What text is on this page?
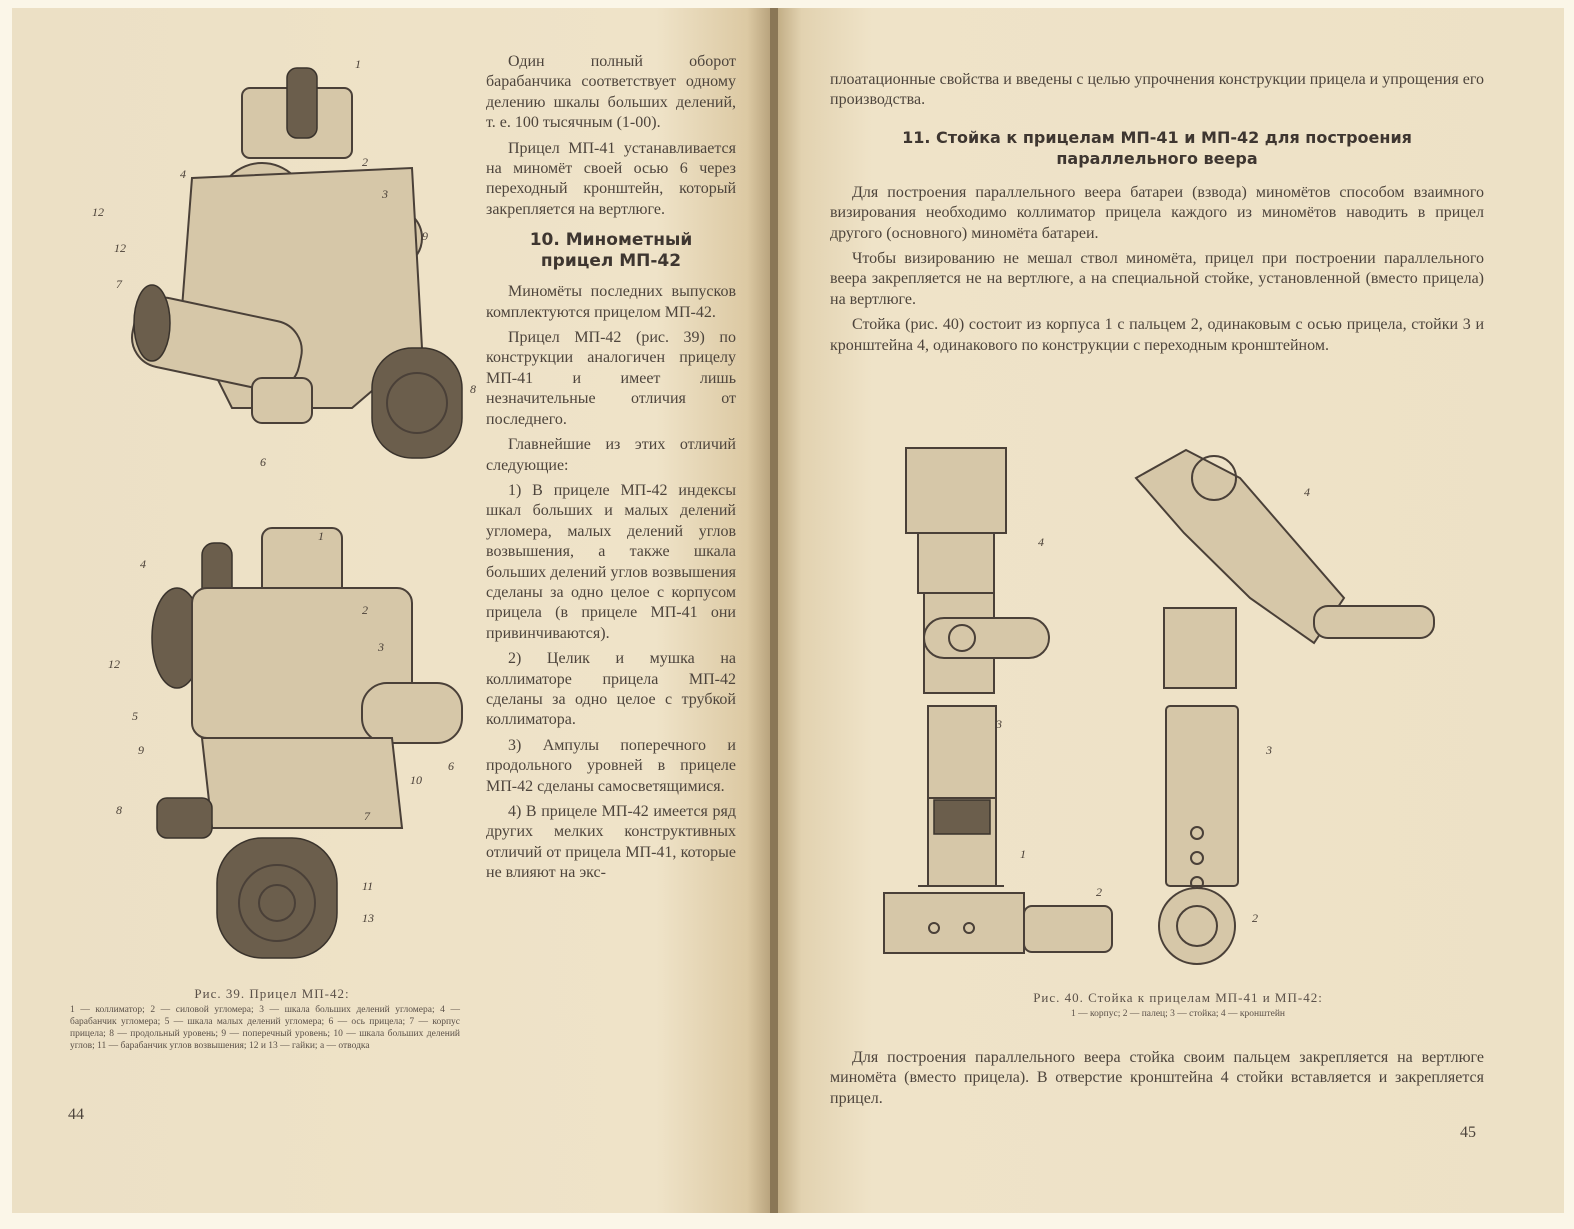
1
2
3
4
12
12
7
9
8
6
1
2
3
4
12
5
9
8
10
7
6
11
13
Рис. 39. Прицел МП-42:
1 — коллиматор; 2 — силовой угломера; 3 — шкала больших делений угломера; 4 — барабанчик угломера; 5 — шкала малых делений угломера; 6 — ось прицела; 7 — корпус прицела; 8 — продольный уровень; 9 — поперечный уровень; 10 — шкала больших делений углов; 11 — барабанчик углов возвышения; 12 и 13 — гайки; а — отводка
44

Один полный оборот барабанчика соответствует одному делению шкалы больших делений, т. е. 100 тысячным (1-00).

Прицел МП-41 устанавливается на миномёт своей осью 6 через переходный кронштейн, который закрепляется на вертлюге.

10. Минометный прицел МП-42

Миномёты последних выпусков комплектуются прицелом МП-42.

Прицел МП-42 (рис. 39) по конструкции аналогичен прицелу МП-41 и имеет лишь незначительные отличия от последнего.

Главнейшие из этих отличий следующие:

1) В прицеле МП-42 индексы шкал больших и малых делений угломера, малых делений углов возвышения, а также шкала больших делений углов возвышения сделаны за одно целое с корпусом прицела (в прицеле МП-41 они привинчиваются).

2) Целик и мушка на коллиматоре прицела МП-42 сделаны за одно целое с трубкой коллиматора.

3) Ампулы поперечного и продольного уровней в прицеле МП-42 сделаны самосветящимися.

4) В прицеле МП-42 имеется ряд других мелких конструктивных отличий от прицела МП-41, которые не влияют на экс-

плоатационные свойства и введены с целью упрочнения конструкции прицела и упрощения его производства.

11. Стойка к прицелам МП-41 и МП-42 для построения параллельного веера

Для построения параллельного веера батареи (взвода) миномётов способом взаимного визирования необходимо коллиматор прицела каждого из миномётов наводить в прицел другого (основного) миномёта батареи.

Чтобы визированию не мешал ствол миномёта, прицел при построении параллельного веера закрепляется не на вертлюге, а на специальной стойке, установленной (вместо прицела) на вертлюге.

Стойка (рис. 40) состоит из корпуса 1 с пальцем 2, одинаковым с осью прицела, стойки 3 и кронштейна 4, одинакового по конструкции с переходным кронштейном.

4
3
1
2
4
3
2
Рис. 40. Стойка к прицелам МП-41 и МП-42:
1 — корпус; 2 — палец; 3 — стойка; 4 — кронштейн

Для построения параллельного веера стойка своим пальцем закрепляется на вертлюге миномёта (вместо прицела). В отверстие кронштейна 4 стойки вставляется и закрепляется прицел.

45
